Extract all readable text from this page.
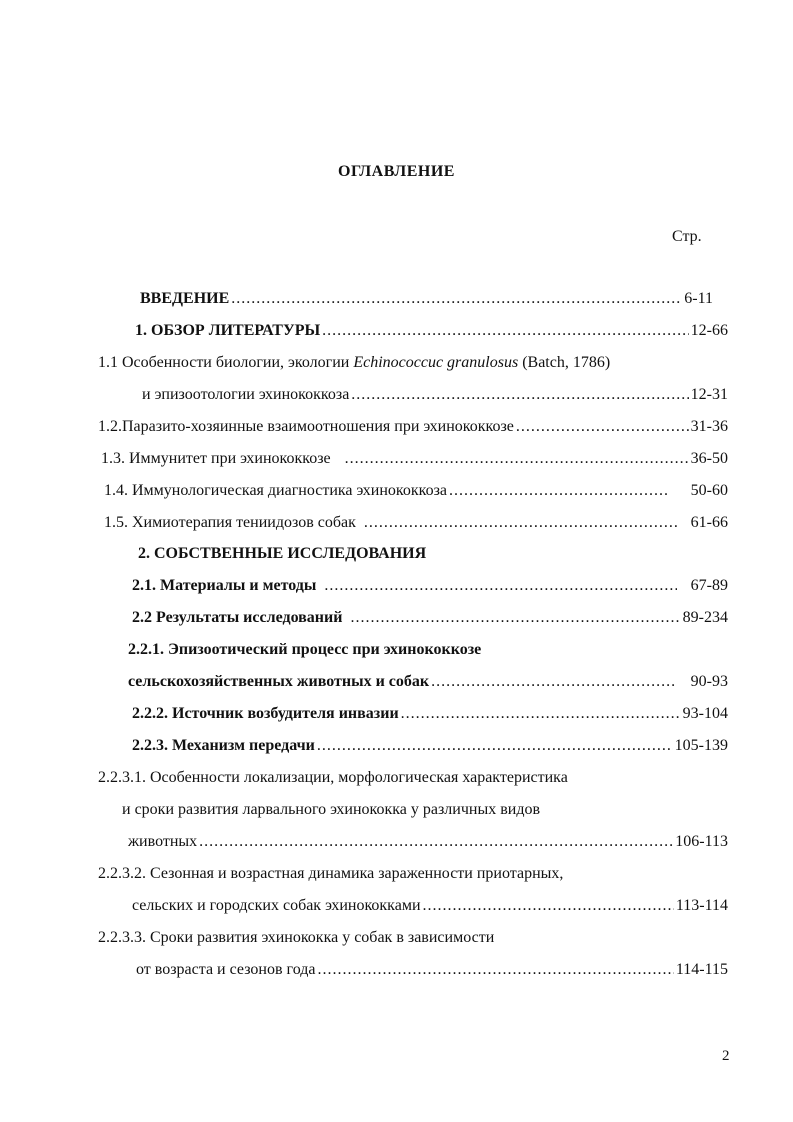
ОГЛАВЛЕНИЕ
Стр.
ВВЕДЕНИЕ .....	6-11
1. ОБЗОР ЛИТЕРАТУРЫ .....	12-66
1.1 Особенности биологии, экологии Echinococcuc granulosus (Batch, 1786)
и эпизоотологии эхинококкоза .....	12-31
1.2.Паразито-хозяинные взаимоотношения при эхинококкозе .....	31-36
1.3. Иммунитет при эхинококкозе .....	36-50
1.4. Иммунологическая диагностика эхинококкоза .....	50-60
1.5. Химиотерапия тениидозов собак .....	61-66
2. СОБСТВЕННЫЕ ИССЛЕДОВАНИЯ
2.1. Материалы и методы .....	67-89
2.2 Результаты исследований .....	89-234
2.2.1. Эпизоотический процесс при эхинококкозе
сельскохозяйственных животных и собак .....	90-93
2.2.2. Источник возбудителя инвазии .....	93-104
2.2.3. Механизм передачи .....	105-139
2.2.3.1. Особенности локализации, морфологическая характеристика
и сроки развития ларвального эхинококка у различных видов
животных .....	106-113
2.2.3.2. Сезонная и возрастная динамика зараженности приотарных,
сельских и городских собак эхинококками .....	113-114
2.2.3.3. Сроки развития эхинококка у собак в зависимости
от возраста и сезонов года .....	114-115
2
